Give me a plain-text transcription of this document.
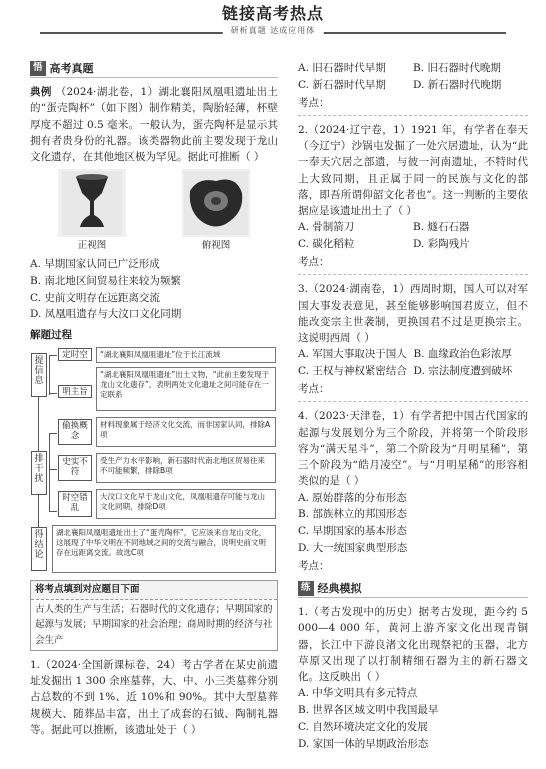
链接高考热点
研析真题 达成应用体
悟 高考真题

典例 （2024·湖北卷，1）湖北襄阳凤凰咀遗址出土的“蛋壳陶杯”（如下图）制作精美，陶胎轻薄，杯壁厚度不超过 0.5 毫米。一般认为，蛋壳陶杯是显示其拥有者贵身份的礼器。该类器物此前主要发现于龙山文化遗存，在其他地区极为罕见。据此可推断（ ）

正视图	俯视图
A. 早期国家认同已广泛形成
B. 南北地区间贸易往来较为频繁
C. 史前文明存在远距离交流
D. 凤凰咀遗存与大汶口文化同期
解题过程
提信息
定时空	“湖北襄阳凤凰咀遗址”位于长江流域
明主旨
“湖北襄阳凤凰咀遗址”出土文物，“此前主要发现于龙山文化遗存”，表明两处文化遗址之间可能存在一定联系
排干扰
偷换概念
材料现象属于经济文化交流，而非国家认同，排除A项
史实不符
受生产力水平影响，新石器时代南北地区贸易往来不可能频繁，排除B项
时空错乱
大汶口文化早于龙山文化，凤凰咀遗存可能与龙山文化同期，排除D项
得结论
湖北襄阳凤凰咀遗址出土了“蛋壳陶杯”，它应该来自龙山文化，这展现了中华文明在不同地域之间的交流与融合，说明史前文明存在远距离交流。故选C项
将考点填到对应题目下面
古人类的生产与生活；石器时代的文化遗存；早期国家的起源与发展；早期国家的社会治理；商周时期的经济与社会生产

1.（2024·全国新课标卷，24）考古学者在某史前遗址发掘出 1 300 余座墓葬，大、中、小三类墓葬分别占总数的不到 1%、近 10%和 90%。其中大型墓葬规模大、随葬品丰富，出土了成套的石钺、陶制礼器等。据此可以推断，该遗址处于（ ）

A. 旧石器时代早期	B. 旧石器时代晚期
C. 新石器时代早期	D. 新石器时代晚期
考点：

2.（2024·辽宁卷，1）1921 年，有学者在奉天（今辽宁）沙锅屯发掘了一处穴居遗址，认为“此一奉天穴居之部遗，与彼一河南遗址，不特时代上大致同期，且正属于同一的民族与文化的部落，即吾所谓仰韶文化者也”。这一判断的主要依据应是该遗址出土了（ ）

A. 骨制箭刀	B. 燧石石器
C. 碳化稻粒	D. 彩陶残片
考点：

3.（2024·湖南卷，1）西周时期，国人可以对军国大事发表意见，甚至能够影响国君废立，但不能改变宗主世袭制，更换国君不过是更换宗主。这说明西周（ ）

A. 军国大事取决于国人 B. 血缘政治色彩浓厚
C. 王权与神权紧密结合 D. 宗法制度遭到破坏
考点：

4.（2023·天津卷，1）有学者把中国古代国家的起源与发展划分为三个阶段，并将第一个阶段形容为“满天星斗”，第二个阶段为“月明星稀”，第三个阶段为“皓月凌空”。与“月明星稀”的形容相类似的是（ ）

A. 原始群落的分布形态
B. 部族林立的邦国形态
C. 早期国家的基本形态
D. 大一统国家典型形态
考点：
练 经典模拟

1.（考古发现中的历史）据考古发现，距今约 5 000—4 000 年，黄河上游齐家文化出现青铜器，长江中下游良渚文化出现祭祀的玉器，北方草原又出现了以打制精细石器为主的新石器文化。这反映出（ ）

A. 中华文明具有多元特点
B. 世界各区域文明中我国最早
C. 自然环境决定文化的发展
D. 家国一体的早期政治形态
